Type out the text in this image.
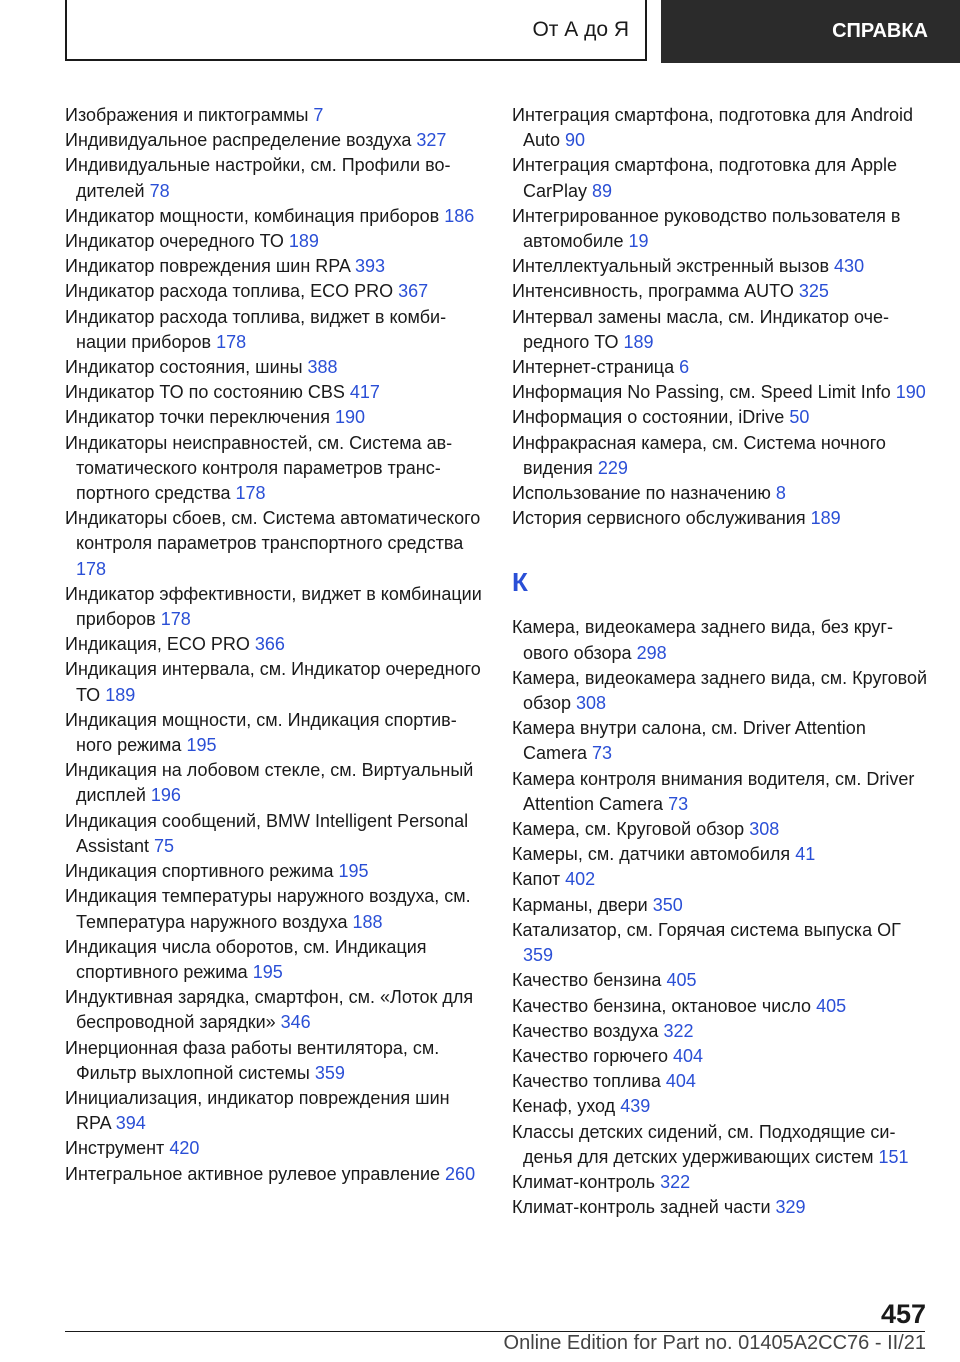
От А до Я	СПРАВКА
Изображения и пиктограммы 7
Индивидуальное распределение воздуха 327
Индивидуальные настройки, см. Профили водителей 78
Индикатор мощности, комбинация приборов 186
Индикатор очередного ТО 189
Индикатор повреждения шин RPA 393
Индикатор расхода топлива, ECO PRO 367
Индикатор расхода топлива, виджет в комбинации приборов 178
Индикатор состояния, шины 388
Индикатор ТО по состоянию CBS 417
Индикатор точки переключения 190
Индикаторы неисправностей, см. Система автоматического контроля параметров транспортного средства 178
Индикаторы сбоев, см. Система автоматического контроля параметров транспортного средства 178
Индикатор эффективности, виджет в комбинации приборов 178
Индикация, ECO PRO 366
Индикация интервала, см. Индикатор очередного ТО 189
Индикация мощности, см. Индикация спортивного режима 195
Индикация на лобовом стекле, см. Виртуальный дисплей 196
Индикация сообщений, BMW Intelligent Personal Assistant 75
Индикация спортивного режима 195
Индикация температуры наружного воздуха, см. Температура наружного воздуха 188
Индикация числа оборотов, см. Индикация спортивного режима 195
Индуктивная зарядка, смартфон, см. «Лоток для беспроводной зарядки» 346
Инерционная фаза работы вентилятора, см. Фильтр выхлопной системы 359
Инициализация, индикатор повреждения шин RPA 394
Инструмент 420
Интегральное активное рулевое управление 260
Интеграция смартфона, подготовка для Android Auto 90
Интеграция смартфона, подготовка для Apple CarPlay 89
Интегрированное руководство пользователя в автомобиле 19
Интеллектуальный экстренный вызов 430
Интенсивность, программа AUTO 325
Интервал замены масла, см. Индикатор очередного ТО 189
Интернет-страница 6
Информация No Passing, см. Speed Limit Info 190
Информация о состоянии, iDrive 50
Инфракрасная камера, см. Система ночного видения 229
Использование по назначению 8
История сервисного обслуживания 189
К
Камера, видеокамера заднего вида, без кругового обзора 298
Камера, видеокамера заднего вида, см. Круговой обзор 308
Камера внутри салона, см. Driver Attention Camera 73
Камера контроля внимания водителя, см. Driver Attention Camera 73
Камера, см. Круговой обзор 308
Камеры, см. датчики автомобиля 41
Капот 402
Карманы, двери 350
Катализатор, см. Горячая система выпуска ОГ 359
Качество бензина 405
Качество бензина, октановое число 405
Качество воздуха 322
Качество горючего 404
Качество топлива 404
Кенаф, уход 439
Классы детских сидений, см. Подходящие сиденья для детских удерживающих систем 151
Климат-контроль 322
Климат-контроль задней части 329
457
Online Edition for Part no. 01405A2CC76 - II/21
